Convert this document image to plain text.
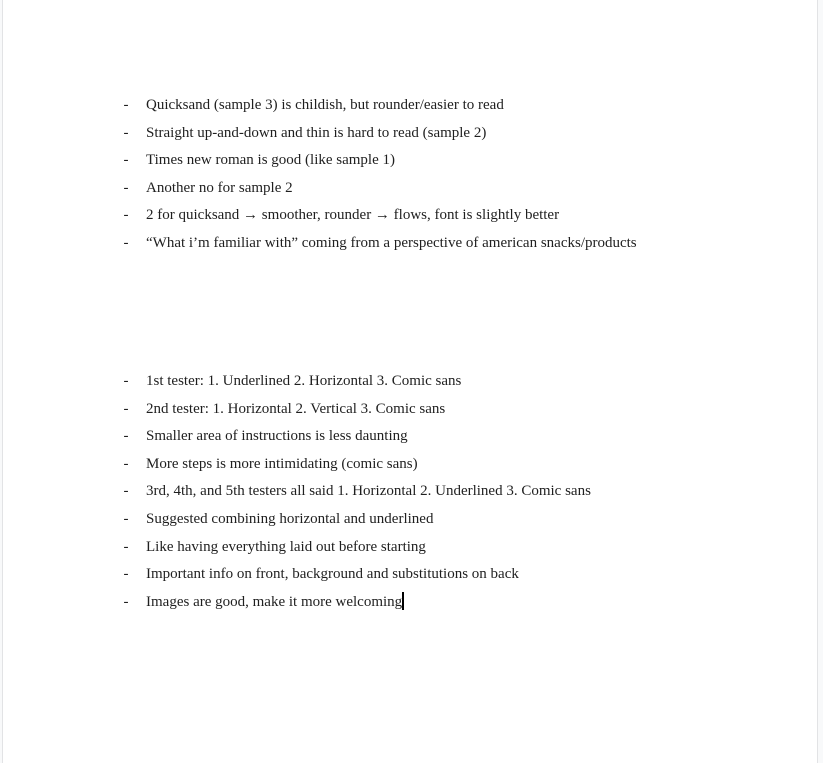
- Quicksand (sample 3) is childish, but rounder/easier to read
- Straight up-and-down and thin is hard to read (sample 2)
- Times new roman is good (like sample 1)
- Another no for sample 2
- 2 for quicksand → smoother, rounder → flows, font is slightly better
- “What i’m familiar with” coming from a perspective of american snacks/products
- 1st tester: 1. Underlined 2. Horizontal 3. Comic sans
- 2nd tester: 1. Horizontal 2. Vertical 3. Comic sans
- Smaller area of instructions is less daunting
- More steps is more intimidating (comic sans)
- 3rd, 4th, and 5th testers all said 1. Horizontal 2. Underlined 3. Comic sans
- Suggested combining horizontal and underlined
- Like having everything laid out before starting
- Important info on front, background and substitutions on back
- Images are good, make it more welcoming
